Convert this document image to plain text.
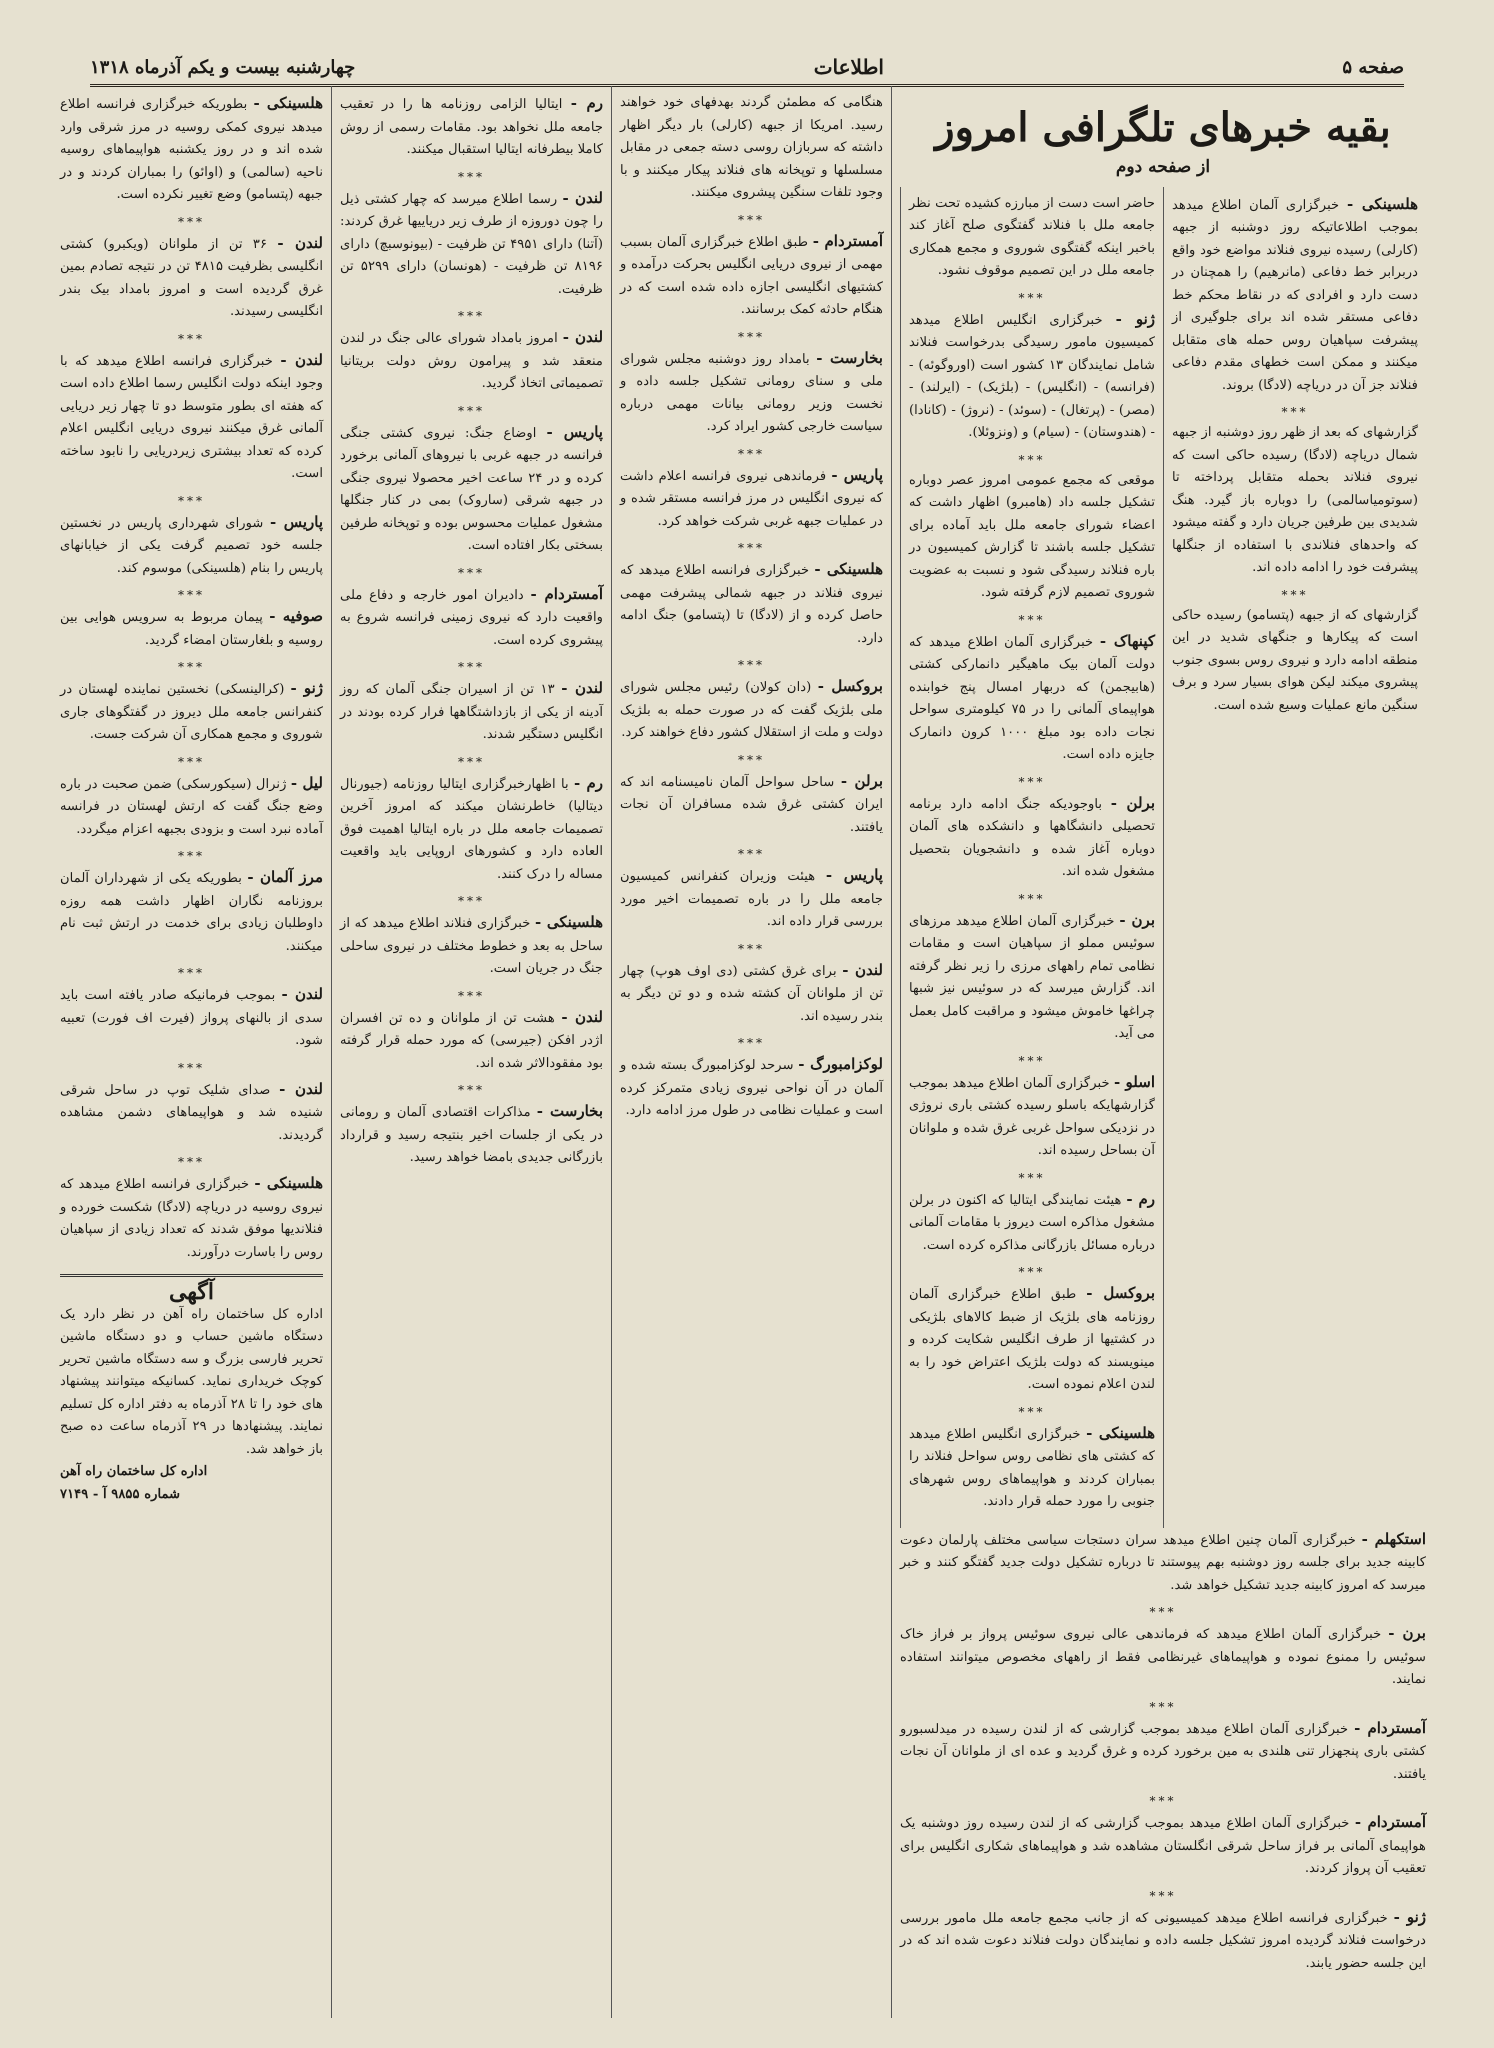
صفحه ۵
اطلاعات
چهارشنبه بیست و یکم آذرماه ۱۳۱۸
بقیه خبرهای تلگرافی امروز
از صفحه دوم
هلسینکی - خبرگزاری آلمان اطلاع میدهد بموجب اطلاعاتیکه روز دوشنبه از جبهه (کارلی) رسیده نیروی فنلاند مواضع خود واقع دربرابر خط دفاعی (مانرهیم) را همچنان در دست دارد و افرادی که در نقاط محکم خط دفاعی مستقر شده اند برای جلوگیری از پیشرفت سپاهیان روس حمله های متقابل میکنند و ممکن است خطهای مقدم دفاعی فنلاند جز آن در دریاچه (لادگا) بروند.
***
گزارشهای که بعد از ظهر روز دوشنبه از جبهه شمال دریاچه (لادگا) رسیده حاکی است که نیروی فنلاند بحمله متقابل پرداخته تا (سوتومیاسالمی) را دوباره باز گیرد. هنگ شدیدی بین طرفین جریان دارد و گفته میشود که واحدهای فنلاندی با استفاده از جنگلها پیشرفت خود را ادامه داده اند.
***
گزارشهای که از جبهه (پتسامو) رسیده حاکی است که پیکارها و جنگهای شدید در این منطقه ادامه دارد و نیروی روس بسوی جنوب پیشروی میکند لیکن هوای بسیار سرد و برف سنگین مانع عملیات وسیع شده است.
حاضر است دست از مبارزه کشیده تحت نظر جامعه ملل با فنلاند گفتگوی صلح آغاز کند باخبر اینکه گفتگوی شوروی و مجمع همکاری جامعه ملل در این تصمیم موقوف نشود.
***
ژنو - خبرگزاری انگلیس اطلاع میدهد کمیسیون مامور رسیدگی بدرخواست فنلاند شامل نمایندگان ۱۳ کشور است (اوروگوئه) - (فرانسه) - (انگلیس) - (بلژیک) - (ایرلند) - (مصر) - (پرتغال) - (سوئد) - (نروژ) - (کانادا) - (هندوستان) - (سیام) و (ونزوئلا).
***
موقعی که مجمع عمومی امروز عصر دوباره تشکیل جلسه داد (هامبرو) اظهار داشت که اعضاء شورای جامعه ملل باید آماده برای تشکیل جلسه باشند تا گزارش کمیسیون در باره فنلاند رسیدگی شود و نسبت به عضویت شوروی تصمیم لازم گرفته شود.
***
کپنهاک - خبرگزاری آلمان اطلاع میدهد که دولت آلمان بیک ماهیگیر دانمارکی کشتی (هابیجمن) که دربهار امسال پنج خوابنده هواپیمای آلمانی را در ۷۵ کیلومتری سواحل نجات داده بود مبلغ ۱۰۰۰ کرون دانمارک جایزه داده است.
***
برلن - باوجودیکه جنگ ادامه دارد برنامه تحصیلی دانشگاهها و دانشکده های آلمان دوباره آغاز شده و دانشجویان بتحصیل مشغول شده اند.
***
برن - خبرگزاری آلمان اطلاع میدهد مرزهای سوئیس مملو از سپاهیان است و مقامات نظامی تمام راههای مرزی را زیر نظر گرفته اند. گزارش میرسد که در سوئیس نیز شبها چراغها خاموش میشود و مراقبت کامل بعمل می آید.
***
اسلو - خبرگزاری آلمان اطلاع میدهد بموجب گزارشهایکه باسلو رسیده کشتی باری نروژی در نزدیکی سواحل غربی غرق شده و ملوانان آن بساحل رسیده اند.
***
رم - هیئت نمایندگی ایتالیا که اکنون در برلن مشغول مذاکره است دیروز با مقامات آلمانی درباره مسائل بازرگانی مذاکره کرده است.
***
بروکسل - طبق اطلاع خبرگزاری آلمان روزنامه های بلژیک از ضبط کالاهای بلژیکی در کشتیها از طرف انگلیس شکایت کرده و مینویسند که دولت بلژیک اعتراض خود را به لندن اعلام نموده است.
***
هلسینکی - خبرگزاری انگلیس اطلاع میدهد که کشتی های نظامی روس سواحل فنلاند را بمباران کردند و هواپیماهای روس شهرهای جنوبی را مورد حمله قرار دادند.
استکهلم - خبرگزاری آلمان چنین اطلاع میدهد سران دستجات سیاسی مختلف پارلمان دعوت کابینه جدید برای جلسه روز دوشنبه بهم پیوستند تا درباره تشکیل دولت جدید گفتگو کنند و خبر میرسد که امروز کابینه جدید تشکیل خواهد شد.
***
برن - خبرگزاری آلمان اطلاع میدهد که فرماندهی عالی نیروی سوئیس پرواز بر فراز خاک سوئیس را ممنوع نموده و هواپیماهای غیرنظامی فقط از راههای مخصوص میتوانند استفاده نمایند.
***
آمستردام - خبرگزاری آلمان اطلاع میدهد بموجب گزارشی که از لندن رسیده در میدلسبورو کشتی باری پنجهزار تنی هلندی به مین برخورد کرده و غرق گردید و عده ای از ملوانان آن نجات یافتند.
***
آمستردام - خبرگزاری آلمان اطلاع میدهد بموجب گزارشی که از لندن رسیده روز دوشنبه یک هواپیمای آلمانی بر فراز ساحل شرقی انگلستان مشاهده شد و هواپیماهای شکاری انگلیس برای تعقیب آن پرواز کردند.
***
ژنو - خبرگزاری فرانسه اطلاع میدهد کمیسیونی که از جانب مجمع جامعه ملل مامور بررسی درخواست فنلاند گردیده امروز تشکیل جلسه داده و نمایندگان دولت فنلاند دعوت شده اند که در این جلسه حضور یابند.
هنگامی که مطمئن گردند بهدفهای خود خواهند رسید. امریکا از جبهه (کارلی) بار دیگر اظهار داشته که سربازان روسی دسته جمعی در مقابل مسلسلها و توپخانه های فنلاند پیکار میکنند و با وجود تلفات سنگین پیشروی میکنند.
***
آمستردام - طبق اطلاع خبرگزاری آلمان بسبب مهمی از نیروی دریایی انگلیس بحرکت درآمده و کشتیهای انگلیسی اجازه داده شده است که در هنگام حادثه کمک برسانند.
***
بخارست - بامداد روز دوشنبه مجلس شورای ملی و سنای رومانی تشکیل جلسه داده و نخست وزیر رومانی بیانات مهمی درباره سیاست خارجی کشور ایراد کرد.
***
پاریس - فرماندهی نیروی فرانسه اعلام داشت که نیروی انگلیس در مرز فرانسه مستقر شده و در عملیات جبهه غربی شرکت خواهد کرد.
***
هلسینکی - خبرگزاری فرانسه اطلاع میدهد که نیروی فنلاند در جبهه شمالی پیشرفت مهمی حاصل کرده و از (لادگا) تا (پتسامو) جنگ ادامه دارد.
***
بروکسل - (دان کولان) رئیس مجلس شورای ملی بلژیک گفت که در صورت حمله به بلژیک دولت و ملت از استقلال کشور دفاع خواهند کرد.
***
برلن - ساحل سواحل آلمان نامیسنامه اند که ایران کشتی غرق شده مسافران آن نجات یافتند.
***
پاریس - هیئت وزیران کنفرانس کمیسیون جامعه ملل را در باره تصمیمات اخیر مورد بررسی قرار داده اند.
***
لندن - برای غرق کشتی (دی اوف هوپ) چهار تن از ملوانان آن کشته شده و دو تن دیگر به بندر رسیده اند.
***
لوکزامبورگ - سرحد لوکزامبورگ بسته شده و آلمان در آن نواحی نیروی زیادی متمرکز کرده است و عملیات نظامی در طول مرز ادامه دارد.
رم - ایتالیا الزامی روزنامه ها را در تعقیب جامعه ملل نخواهد بود. مقامات رسمی از روش کاملا بیطرفانه ایتالیا استقبال میکنند.
***
لندن - رسما اطلاع میرسد که چهار کشتی ذیل را چون دوروزه از طرف زیر دریاییها غرق کردند: (آتنا) دارای ۴۹۵۱ تن ظرفیت - (بیونوسبچ) دارای ۸۱۹۶ تن ظرفیت - (هونسان) دارای ۵۲۹۹ تن ظرفیت.
***
لندن - امروز بامداد شورای عالی جنگ در لندن منعقد شد و پیرامون روش دولت بریتانیا تصمیماتی اتخاذ گردید.
***
پاریس - اوضاع جنگ: نیروی کشتی جنگی فرانسه در جبهه غربی با نیروهای آلمانی برخورد کرده و در ۲۴ ساعت اخیر محصولا نیروی جنگی در جبهه شرقی (ساروک) بمی در کنار جنگلها مشغول عملیات محسوس بوده و توپخانه طرفین بسختی بکار افتاده است.
***
آمستردام - دادیران امور خارجه و دفاع ملی واقعیت دارد که نیروی زمینی فرانسه شروع به پیشروی کرده است.
***
لندن - ۱۳ تن از اسیران جنگی آلمان که روز آدینه از یکی از بازداشتگاهها فرار کرده بودند در انگلیس دستگیر شدند.
***
رم - با اظهارخبرگزاری ایتالیا روزنامه (جیورنال دیتالیا) خاطرنشان میکند که امروز آخرین تصمیمات جامعه ملل در باره ایتالیا اهمیت فوق العاده دارد و کشورهای اروپایی باید واقعیت مساله را درک کنند.
***
هلسینکی - خبرگزاری فنلاند اطلاع میدهد که از ساحل به بعد و خطوط مختلف در نیروی ساحلی جنگ در جریان است.
***
لندن - هشت تن از ملوانان و ده تن افسران اژدر افکن (جیرسی) که مورد حمله قرار گرفته بود مفقودالاثر شده اند.
***
بخارست - مذاکرات اقتصادی آلمان و رومانی در یکی از جلسات اخیر بنتیجه رسید و قرارداد بازرگانی جدیدی بامضا خواهد رسید.
هلسینکی - بطوریکه خبرگزاری فرانسه اطلاع میدهد نیروی کمکی روسیه در مرز شرقی وارد شده اند و در روز یکشنبه هواپیماهای روسیه ناحیه (سالمی) و (اوائو) را بمباران کردند و در جبهه (پتسامو) وضع تغییر نکرده است.
***
لندن - ۳۶ تن از ملوانان (ویکبرو) کشتی انگلیسی بظرفیت ۴۸۱۵ تن در نتیجه تصادم بمین غرق گردیده است و امروز بامداد بیک بندر انگلیسی رسیدند.
***
لندن - خبرگزاری فرانسه اطلاع میدهد که با وجود اینکه دولت انگلیس رسما اطلاع داده است که هفته ای بطور متوسط دو تا چهار زیر دریایی آلمانی غرق میکنند نیروی دریایی انگلیس اعلام کرده که تعداد بیشتری زیردریایی را نابود ساخته است.
***
پاریس - شورای شهرداری پاریس در نخستین جلسه خود تصمیم گرفت یکی از خیابانهای پاریس را بنام (هلسینکی) موسوم کند.
***
صوفیه - پیمان مربوط به سرویس هوایی بین روسیه و بلغارستان امضاء گردید.
***
ژنو - (کرالینسکی) نخستین نماینده لهستان در کنفرانس جامعه ملل دیروز در گفتگوهای جاری شوروی و مجمع همکاری آن شرکت جست.
***
لیل - ژنرال (سیکورسکی) ضمن صحبت در باره وضع جنگ گفت که ارتش لهستان در فرانسه آماده نبرد است و بزودی بجبهه اعزام میگردد.
***
مرز آلمان - بطوریکه یکی از شهرداران آلمان بروزنامه نگاران اظهار داشت همه روزه داوطلبان زیادی برای خدمت در ارتش ثبت نام میکنند.
***
لندن - بموجب فرمانیکه صادر یافته است باید سدی از بالنهای پرواز (فیرت اف فورت) تعبیه شود.
***
لندن - صدای شلیک توپ در ساحل شرقی شنیده شد و هواپیماهای دشمن مشاهده گردیدند.
***
هلسینکی - خبرگزاری فرانسه اطلاع میدهد که نیروی روسیه در دریاچه (لادگا) شکست خورده و فنلاندیها موفق شدند که تعداد زیادی از سپاهیان روس را باسارت درآورند.
آگهی
اداره کل ساختمان راه آهن در نظر دارد یک دستگاه ماشین حساب و دو دستگاه ماشین تحریر فارسی بزرگ و سه دستگاه ماشین تحریر کوچک خریداری نماید. کسانیکه میتوانند پیشنهاد های خود را تا ۲۸ آذرماه به دفتر اداره کل تسلیم نمایند. پیشنهادها در ۲۹ آذرماه ساعت ده صبح باز خواهد شد.
اداره کل ساختمان راه آهن
شماره ۹۸۵۵ آ - ۷۱۴۹
